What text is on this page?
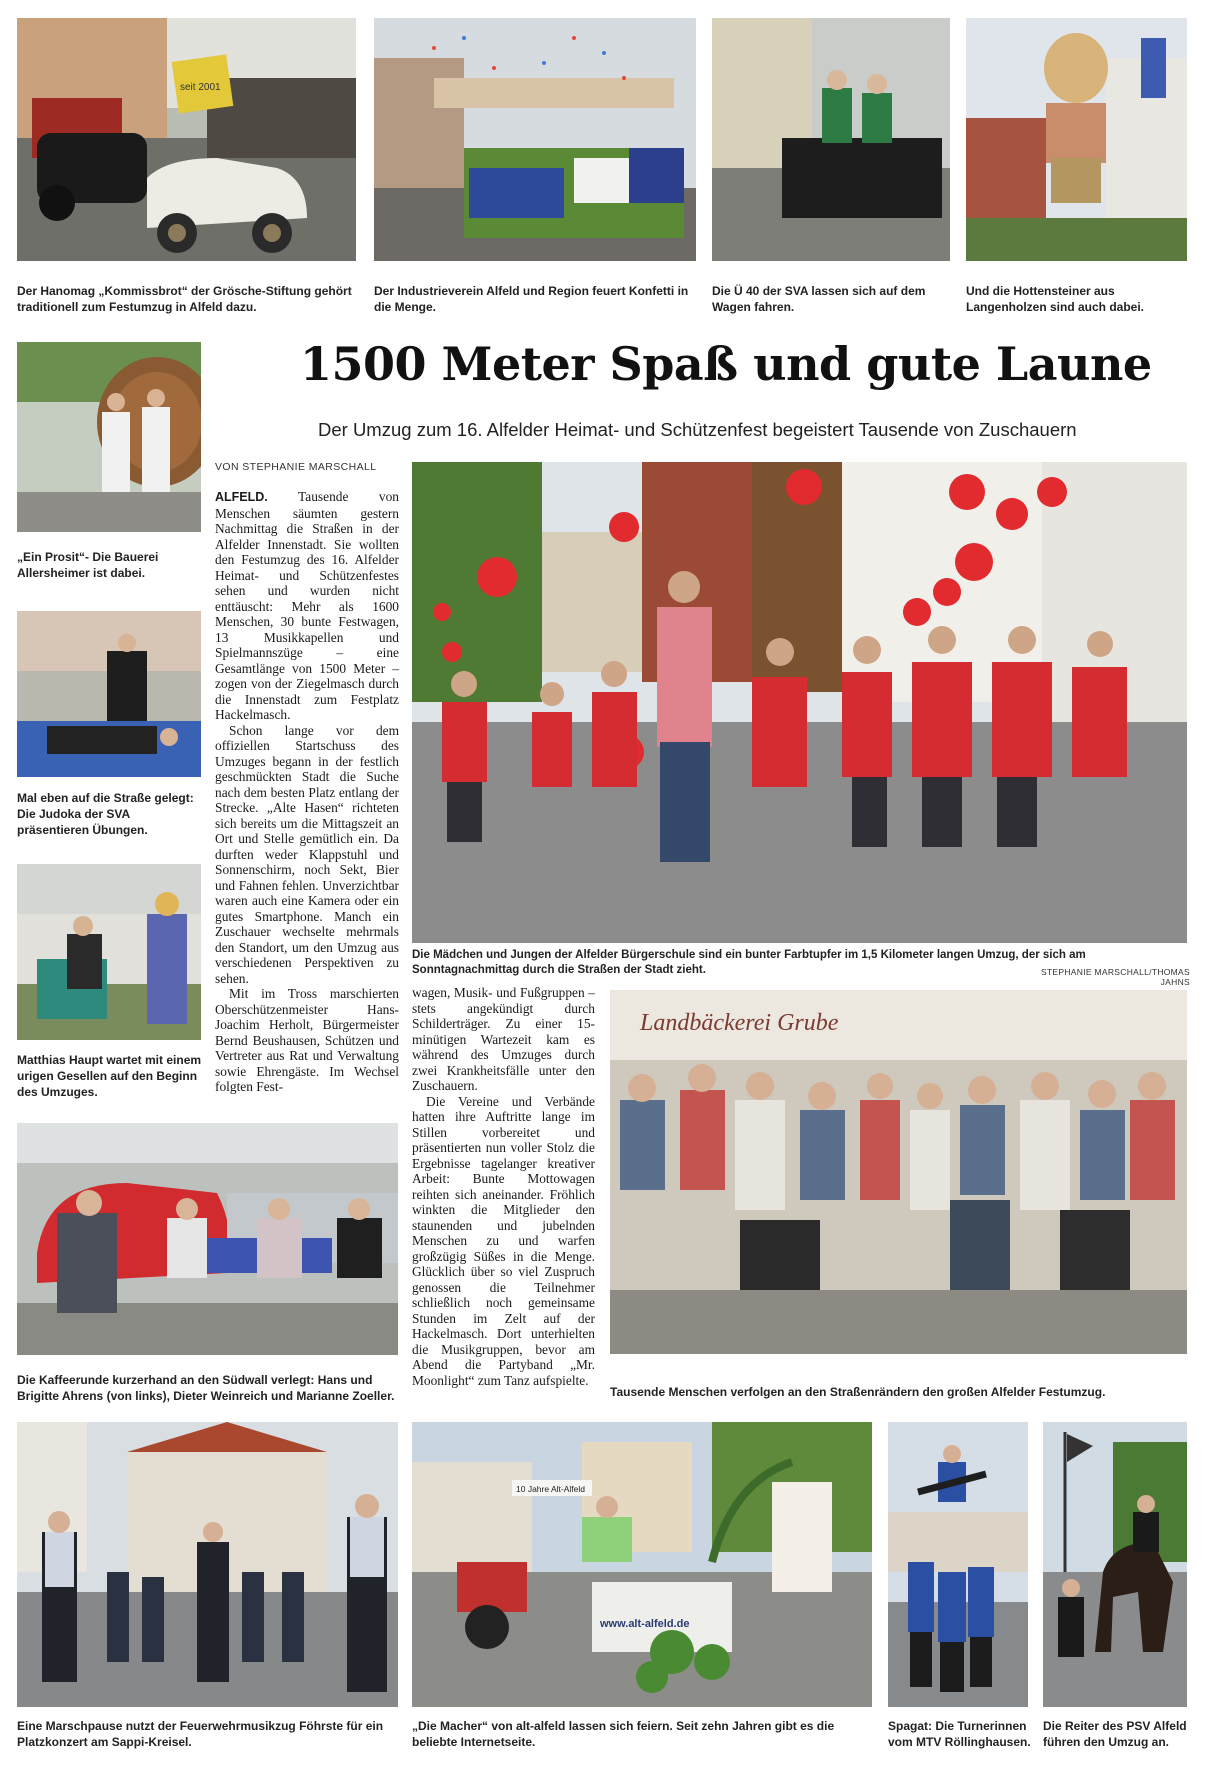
seit 2001

Der Hanomag „Kommissbrot“ der Grösche-Stiftung gehört traditionell zum Festumzug in Alfeld dazu.

Der Industrieverein Alfeld und Region feuert Konfetti in die Menge.

Die Ü 40 der SVA lassen sich auf dem Wagen fahren.

Und die Hottensteiner aus Langenholzen sind auch dabei.

1500 Meter Spaß und gute Laune

Der Umzug zum 16. Alfelder Heimat- und Schützenfest begeistert Tausende von Zuschauern

„Ein Prosit“- Die Bauerei Allersheimer ist dabei.

Mal eben auf die Straße gelegt: Die Judoka der SVA präsentieren Übungen.

Matthias Haupt wartet mit einem urigen Gesellen auf den Beginn des Umzuges.

Die Kaffeerunde kurzerhand an den Südwall verlegt: Hans und Brigitte Ahrens (von links), Dieter Weinreich und Marianne Zoeller.

VON STEPHANIE MARSCHALL

ALFELD. Tausende von Menschen säumten gestern Nachmittag die Straßen in der Alfelder Innenstadt. Sie wollten den Festumzug des 16. Alfelder Heimat- und Schützenfestes sehen und wurden nicht enttäuscht: Mehr als 1600 Menschen, 30 bunte Festwagen, 13 Musikkapellen und Spielmannszüge – eine Gesamtlänge von 1500 Meter – zogen von der Ziegelmasch durch die Innenstadt zum Festplatz Hackelmasch.

Schon lange vor dem offiziellen Startschuss des Umzuges begann in der festlich geschmückten Stadt die Suche nach dem besten Platz entlang der Strecke. „Alte Hasen“ richteten sich bereits um die Mittagszeit an Ort und Stelle gemütlich ein. Da durften weder Klappstuhl und Sonnenschirm, noch Sekt, Bier und Fahnen fehlen. Unverzichtbar waren auch eine Kamera oder ein gutes Smartphone. Manch ein Zuschauer wechselte mehrmals den Standort, um den Umzug aus verschiedenen Perspektiven zu sehen.

Mit im Tross marschierten Oberschützenmeister Hans-Joachim Herholt, Bürgermeister Bernd Beushausen, Schützen und Vertreter aus Rat und Verwaltung sowie Ehrengäste. Im Wechsel folgten Fest-

Die Mädchen und Jungen der Alfelder Bürgerschule sind ein bunter Farbtupfer im 1,5 Kilometer langen Umzug, der sich am Sonntagnachmittag durch die Straßen der Stadt zieht.	STEPHANIE MARSCHALL/THOMAS JAHNS

wagen, Musik- und Fußgruppen – stets angekündigt durch Schilderträger. Zu einer 15-minütigen Wartezeit kam es während des Umzuges durch zwei Krankheitsfälle unter den Zuschauern.

Die Vereine und Verbände hatten ihre Auftritte lange im Stillen vorbereitet und präsentierten nun voller Stolz die Ergebnisse tagelanger kreativer Arbeit: Bunte Mottowagen reihten sich aneinander. Fröhlich winkten die Mitglieder den staunenden und jubelnden Menschen zu und warfen großzügig Süßes in die Menge. Glücklich über so viel Zuspruch genossen die Teilnehmer schließlich noch gemeinsame Stunden im Zelt auf der Hackelmasch. Dort unterhielten die Musikgruppen, bevor am Abend die Partyband „Mr. Moonlight“ zum Tanz aufspielte.

Landbäckerei Grube

Tausende Menschen verfolgen an den Straßenrändern den großen Alfelder Festumzug.

Eine Marschpause nutzt der Feuerwehrmusikzug Föhrste für ein Platzkonzert am Sappi-Kreisel.

www.alt-alfeld.de
10 Jahre Alt-Alfeld

„Die Macher“ von alt-alfeld lassen sich feiern. Seit zehn Jahren gibt es die beliebte Internetseite.

Spagat: Die Turnerinnen vom MTV Röllinghausen.

Die Reiter des PSV Alfeld führen den Umzug an.
